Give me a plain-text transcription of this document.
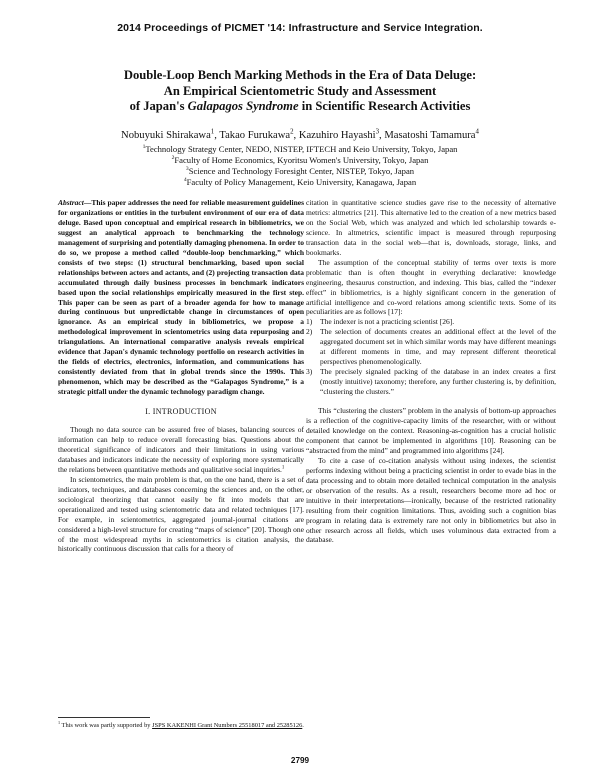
2014 Proceedings of PICMET '14: Infrastructure and Service Integration.
Double-Loop Bench Marking Methods in the Era of Data Deluge:
An Empirical Scientometric Study and Assessment
of Japan's Galapagos Syndrome in Scientific Research Activities
Nobuyuki Shirakawa$^1$, Takao Furukawa$^2$, Kazuhiro Hayashi$^3$, Masatoshi Tamamura$^4$
$^1$Technology Strategy Center, NEDO, NISTEP, IFTECH and Keio University, Tokyo, Japan
$^2$Faculty of Home Economics, Kyoritsu Women's University, Tokyo, Japan
$^3$Science and Technology Foresight Center, NISTEP, Tokyo, Japan
$^4$Faculty of Policy Management, Keio University, Kanagawa, Japan

Abstract—This paper addresses the need for reliable measurement guidelines for organizations or entities in the turbulent environment of our era of data deluge. Based upon conceptual and empirical research in bibliometrics, we suggest an analytical approach to benchmarking the technology management of surprising and potentially damaging phenomena. In order to do so, we propose a method called “double-loop benchmarking,” which consists of two steps: (1) structural benchmarking, based upon social relationships between actors and actants, and (2) projecting transaction data accumulated through daily business processes in benchmark indicators based upon the social relationships empirically measured in the first step. This paper can be seen as part of a broader agenda for how to manage during continuous but unpredictable change in circumstances of open ignorance. As an empirical study in bibliometrics, we propose a methodological improvement in scientometrics using data repurposing and triangulations. An international comparative analysis reveals empirical evidence that Japan's dynamic technology portfolio on research activities in the fields of electrics, electronics, information, and communications has consistently deviated from that in global trends since the 1990s. This phenomenon, which may be described as the “Galapagos Syndrome,” is a strategic pitfall under the dynamic technology paradigm change.

I. INTRODUCTION

Though no data source can be assured free of biases, balancing sources of information can help to reduce overall forecasting bias. Questions about the theoretical significance of indicators and their limitations in using various databases and indicators indicate the necessity of exploring more systematically the relations between quantitative methods and qualitative social inquiries.$^1$

In scientometrics, the main problem is that, on the one hand, there is a set of indicators, techniques, and databases concerning the sciences and, on the other, sociological theorizing that cannot easily be fit into models that are operationalized and tested using scientometric data and related techniques [17]. For example, in scientometrics, aggregated journal-journal citations are considered a high-level structure for creating “maps of science” [20]. Though one of the most widespread myths in scientometrics is citation analysis, the historically continuous discussion that calls for a theory of

citation in quantitative science studies gave rise to the necessity of alternative metrics: altmetrics [21]. This alternative led to the creation of a new metrics based on the Social Web, which was analyzed and which led scholarship towards e-science. In altmetrics, scientific impact is measured through repurposing transaction data in the social web—that is, downloads, storage, links, and bookmarks.

The assumption of the conceptual stability of terms over texts is more problematic than is often thought in everything declarative: knowledge engineering, thesaurus construction, and indexing. This bias, called the “indexer effect” in bibliometrics, is a highly significant concern in the generation of artificial intelligence and co-word relations among scientific texts. Some of its peculiarities are as follows [17]:

1)	The indexer is not a practicing scientist [26].
2)	The selection of documents creates an additional effect at the level of the aggregated document set in which similar words may have different meanings at different moments in time, and may represent different theoretical perspectives phenomenologically.
3)	The precisely signaled packing of the database in an index creates a first (mostly intuitive) taxonomy; therefore, any further clustering is, by definition, “clustering the clusters.”

This “clustering the clusters” problem in the analysis of bottom-up approaches is a reflection of the cognitive-capacity limits of the researcher, with or without detailed knowledge on the context. Reasoning-as-cognition has a crucial holistic component that cannot be implemented in algorithms [10]. Reasoning can be “abstracted from the mind” and programmed into algorithms [24].

To cite a case of co-citation analysis without using indexes, the scientist performs indexing without being a practicing scientist in order to evade bias in the data processing and to obtain more detailed technical computation in the analysis or observation of the results. As a result, researchers become more ad hoc or intuitive in their interpretations—ironically, because of the restricted rationality resulting from their cognition limitations. Thus, avoiding such a cognition bias program in relating data is extremely rare not only in bibliometrics but also in other research across all fields, which uses voluminous data extracted from a database.

$^1$ This work was partly supported by JSPS KAKENHI Grant Numbers 25518017 and 25285126.
2799
